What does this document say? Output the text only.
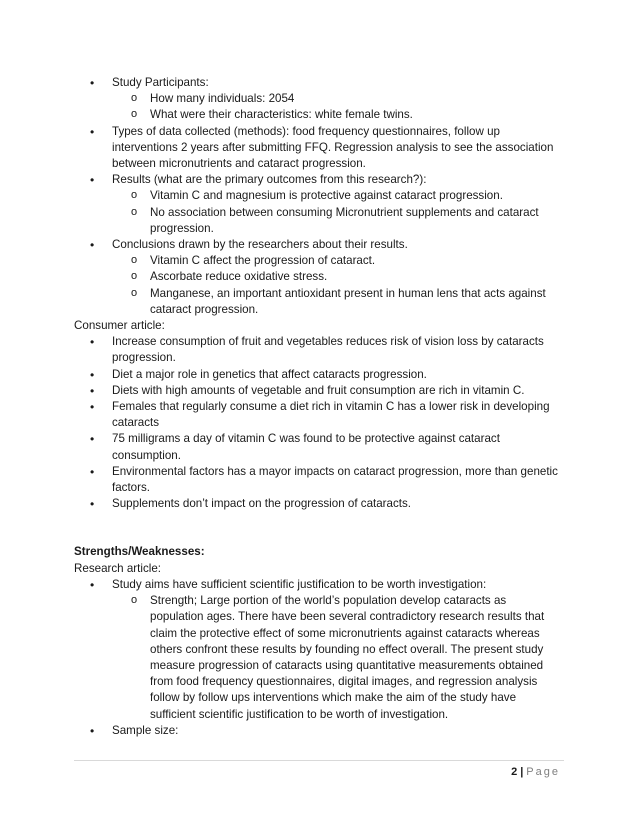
• Study Participants:
o How many individuals: 2054
o What were their characteristics: white female twins.
• Types of data collected (methods): food frequency questionnaires, follow up
interventions 2 years after submitting FFQ. Regression analysis to see the association
between micronutrients and cataract progression.
• Results (what are the primary outcomes from this research?):
o Vitamin C and magnesium is protective against cataract progression.
o No association between consuming Micronutrient supplements and cataract
progression.
• Conclusions drawn by the researchers about their results.
o Vitamin C affect the progression of cataract.
o Ascorbate reduce oxidative stress.
o Manganese, an important antioxidant present in human lens that acts against
cataract progression.
Consumer article:
• Increase consumption of fruit and vegetables reduces risk of vision loss by cataracts
progression.
• Diet a major role in genetics that affect cataracts progression.
• Diets with high amounts of vegetable and fruit consumption are rich in vitamin C.
• Females that regularly consume a diet rich in vitamin C has a lower risk in developing
cataracts
• 75 milligrams a day of vitamin C was found to be protective against cataract
consumption.
• Environmental factors has a mayor impacts on cataract progression, more than genetic
factors.
• Supplements don’t impact on the progression of cataracts.
Strengths/Weaknesses:
Research article:
• Study aims have sufficient scientific justification to be worth investigation:
o Strength; Large portion of the world’s population develop cataracts as
population ages. There have been several contradictory research results that
claim the protective effect of some micronutrients against cataracts whereas
others confront these results by founding no effect overall. The present study
measure progression of cataracts using quantitative measurements obtained
from food frequency questionnaires, digital images, and regression analysis
follow by follow ups interventions which make the aim of the study have
sufficient scientific justification to be worth of investigation.
• Sample size:
2 | Page
